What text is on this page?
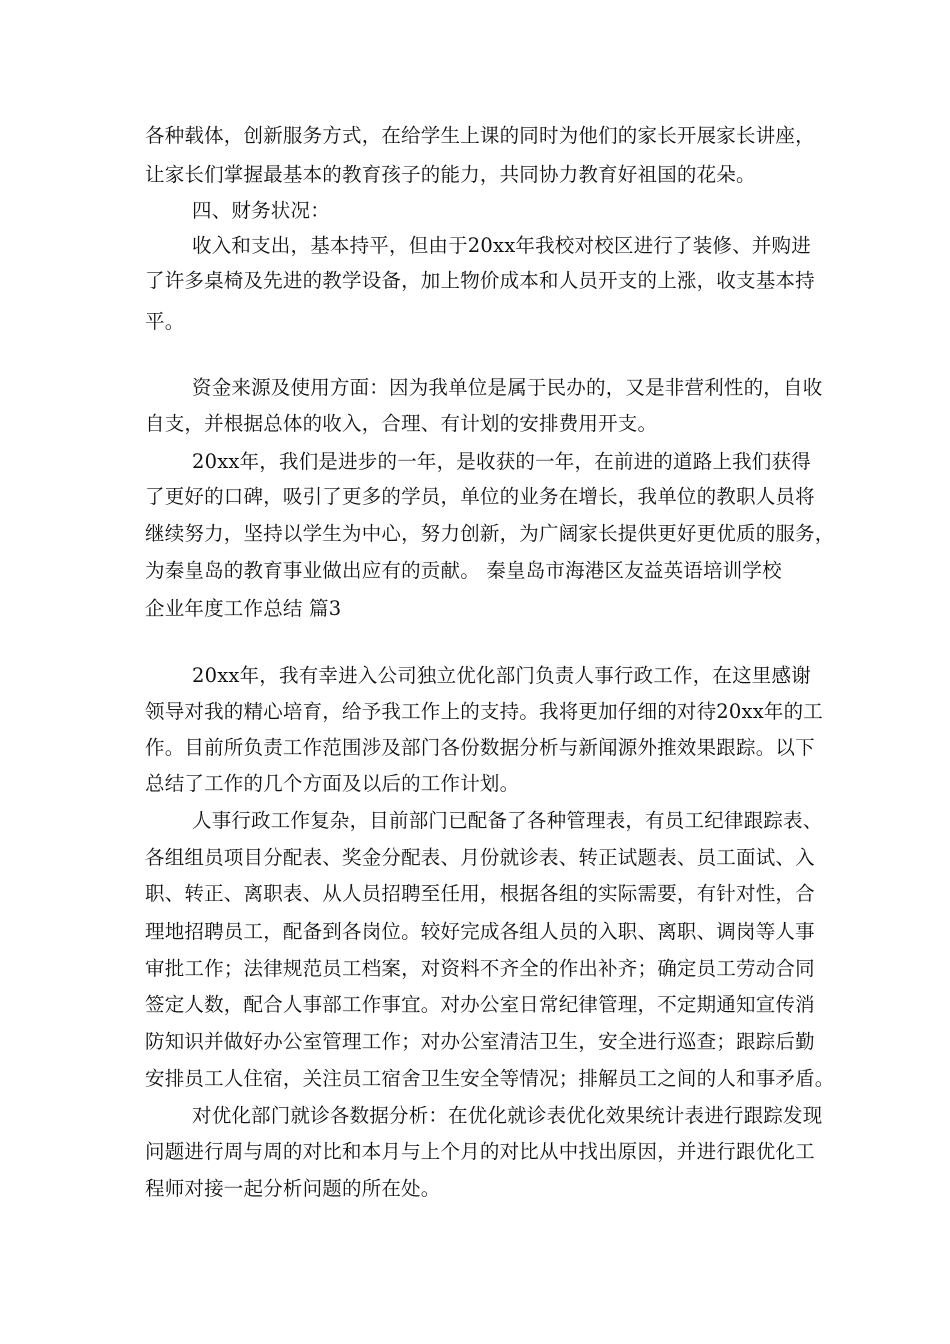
各种载体，创新服务方式，在给学生上课的同时为他们的家长开展家长讲座，
让家长们掌握最基本的教育孩子的能力，共同协力教育好祖国的花朵。
四、财务状况：
收入和支出，基本持平，但由于20xx年我校对校区进行了装修、并购进
了许多桌椅及先进的教学设备，加上物价成本和人员开支的上涨，收支基本持
平。
资金来源及使用方面：因为我单位是属于民办的，又是非营利性的，自收
自支，并根据总体的收入，合理、有计划的安排费用开支。
20xx年，我们是进步的一年，是收获的一年，在前进的道路上我们获得
了更好的口碑，吸引了更多的学员，单位的业务在增长，我单位的教职人员将
继续努力，坚持以学生为中心，努力创新，为广阔家长提供更好更优质的服务，
为秦皇岛的教育事业做出应有的贡献。 秦皇岛市海港区友益英语培训学校
企业年度工作总结 篇3
20xx年，我有幸进入公司独立优化部门负责人事行政工作，在这里感谢
领导对我的精心培育，给予我工作上的支持。我将更加仔细的对待20xx年的工
作。目前所负责工作范围涉及部门各份数据分析与新闻源外推效果跟踪。以下
总结了工作的几个方面及以后的工作计划。
人事行政工作复杂，目前部门已配备了各种管理表，有员工纪律跟踪表、
各组组员项目分配表、奖金分配表、月份就诊表、转正试题表、员工面试、入
职、转正、离职表、从人员招聘至任用，根据各组的实际需要，有针对性，合
理地招聘员工，配备到各岗位。较好完成各组人员的入职、离职、调岗等人事
审批工作；法律规范员工档案，对资料不齐全的作出补齐；确定员工劳动合同
签定人数，配合人事部工作事宜。对办公室日常纪律管理，不定期通知宣传消
防知识并做好办公室管理工作；对办公室清洁卫生，安全进行巡查；跟踪后勤
安排员工人住宿，关注员工宿舍卫生安全等情况；排解员工之间的人和事矛盾。
对优化部门就诊各数据分析：在优化就诊表优化效果统计表进行跟踪发现
问题进行周与周的对比和本月与上个月的对比从中找出原因，并进行跟优化工
程师对接一起分析问题的所在处。
